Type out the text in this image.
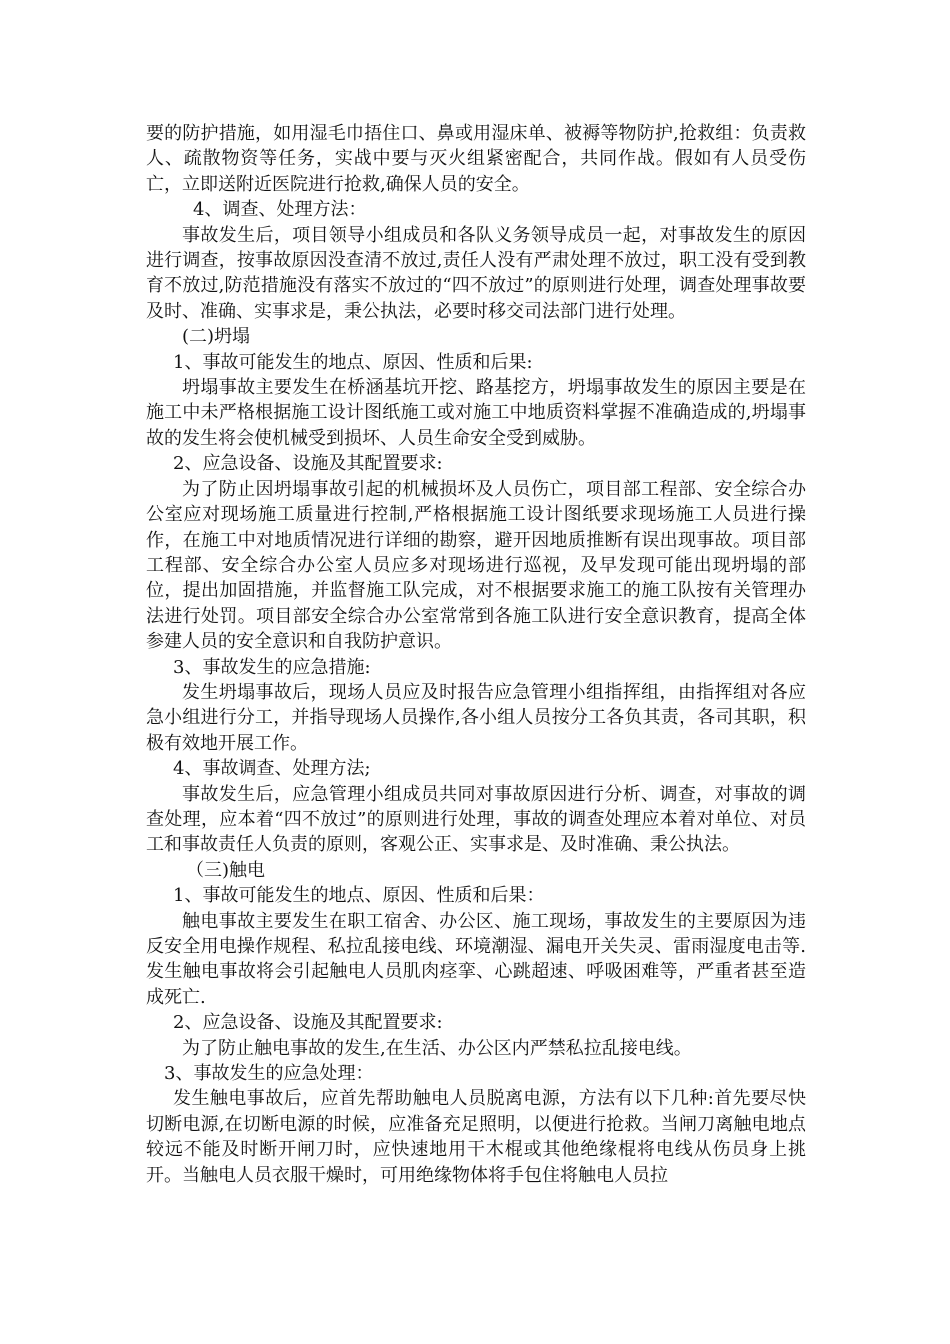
要的防护措施，如用湿毛巾捂住口、鼻或用湿床单、被褥等物防护,抢救组：负责救人、疏散物资等任务，实战中要与灭火组紧密配合，共同作战。假如有人员受伤亡，立即送附近医院进行抢救,确保人员的安全。

4、调查、处理方法：

事故发生后，项目领导小组成员和各队义务领导成员一起，对事故发生的原因进行调查，按事故原因没查清不放过,责任人没有严肃处理不放过，职工没有受到教育不放过,防范措施没有落实不放过的“四不放过”的原则进行处理，调查处理事故要及时、准确、实事求是，秉公执法，必要时移交司法部门进行处理。

(二)坍塌

1、事故可能发生的地点、原因、性质和后果:

坍塌事故主要发生在桥涵基坑开挖、路基挖方，坍塌事故发生的原因主要是在施工中未严格根据施工设计图纸施工或对施工中地质资料掌握不准确造成的,坍塌事故的发生将会使机械受到损坏、人员生命安全受到威胁。

2、应急设备、设施及其配置要求:

为了防止因坍塌事故引起的机械损坏及人员伤亡，项目部工程部、安全综合办公室应对现场施工质量进行控制,严格根据施工设计图纸要求现场施工人员进行操作，在施工中对地质情况进行详细的勘察，避开因地质推断有误出现事故。项目部工程部、安全综合办公室人员应多对现场进行巡视，及早发现可能出现坍塌的部位，提出加固措施，并监督施工队完成，对不根据要求施工的施工队按有关管理办法进行处罚。项目部安全综合办公室常常到各施工队进行安全意识教育，提高全体参建人员的安全意识和自我防护意识。

3、事故发生的应急措施:

发生坍塌事故后，现场人员应及时报告应急管理小组指挥组，由指挥组对各应急小组进行分工，并指导现场人员操作,各小组人员按分工各负其责，各司其职，积极有效地开展工作。

4、事故调查、处理方法;

事故发生后，应急管理小组成员共同对事故原因进行分析、调查，对事故的调查处理，应本着“四不放过”的原则进行处理，事故的调查处理应本着对单位、对员工和事故责任人负责的原则，客观公正、实事求是、及时准确、秉公执法。

（三)触电

1、事故可能发生的地点、原因、性质和后果：

触电事故主要发生在职工宿舍、办公区、施工现场，事故发生的主要原因为违反安全用电操作规程、私拉乱接电线、环境潮湿、漏电开关失灵、雷雨湿度电击等.发生触电事故将会引起触电人员肌肉痉挛、心跳超速、呼吸困难等，严重者甚至造成死亡.

2、应急设备、设施及其配置要求:

为了防止触电事故的发生,在生活、办公区内严禁私拉乱接电线。

3、事故发生的应急处理：

发生触电事故后，应首先帮助触电人员脱离电源，方法有以下几种:首先要尽快切断电源,在切断电源的时候，应准备充足照明，以便进行抢救。当闸刀离触电地点较远不能及时断开闸刀时，应快速地用干木棍或其他绝缘棍将电线从伤员身上挑开。当触电人员衣服干燥时，可用绝缘物体将手包住将触电人员拉
